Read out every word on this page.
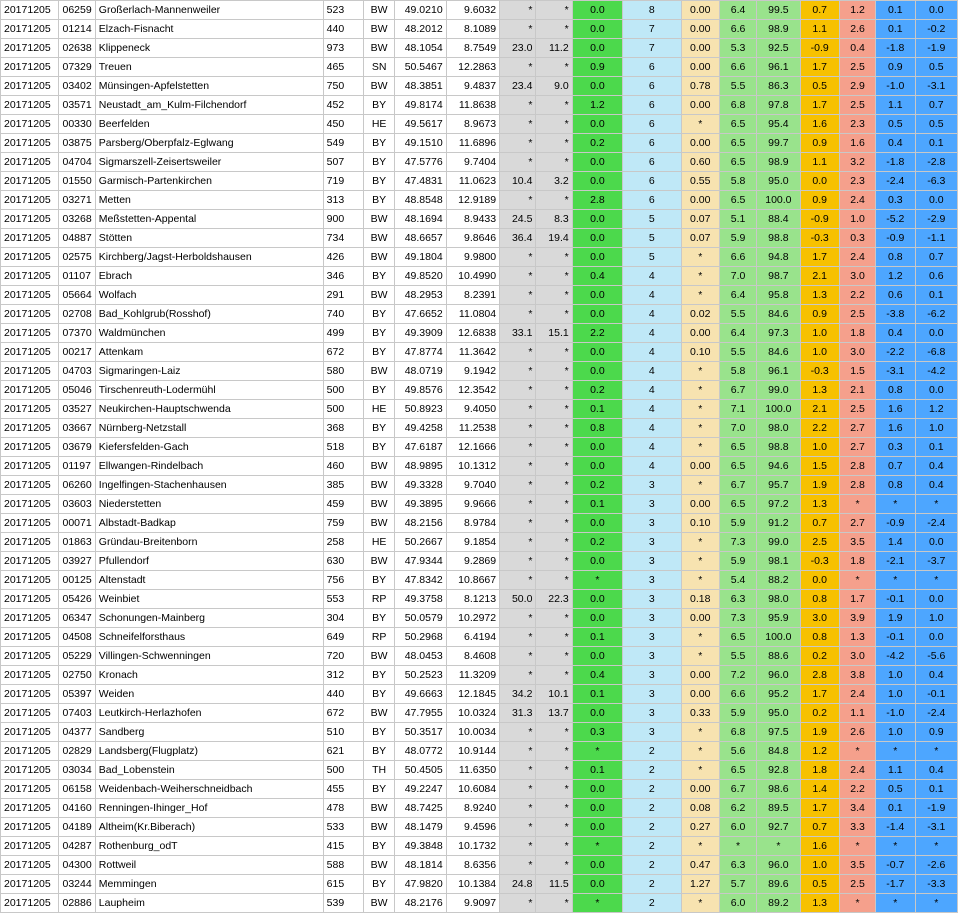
20171205	06259	Großerlach-Mannenweiler	523	BW	49.0210	9.6032	*	*	0.0	8	0.00	6.4	99.5	0.7	1.2	0.1	0.0
20171205	01214	Elzach-Fisnacht	440	BW	48.2012	8.1089	*	*	0.0	7	0.00	6.6	98.9	1.1	2.6	0.1	-0.2
20171205	02638	Klippeneck	973	BW	48.1054	8.7549	23.0	11.2	0.0	7	0.00	5.3	92.5	-0.9	0.4	-1.8	-1.9
20171205	07329	Treuen	465	SN	50.5467	12.2863	*	*	0.9	6	0.00	6.6	96.1	1.7	2.5	0.9	0.5
20171205	03402	Münsingen-Apfelstetten	750	BW	48.3851	9.4837	23.4	9.0	0.0	6	0.78	5.5	86.3	0.5	2.9	-1.0	-3.1
20171205	03571	Neustadt_am_Kulm-Filchendorf	452	BY	49.8174	11.8638	*	*	1.2	6	0.00	6.8	97.8	1.7	2.5	1.1	0.7
20171205	00330	Beerfelden	450	HE	49.5617	8.9673	*	*	0.0	6	*	6.5	95.4	1.6	2.3	0.5	0.5
20171205	03875	Parsberg/Oberpfalz-Eglwang	549	BY	49.1510	11.6896	*	*	0.2	6	0.00	6.5	99.7	0.9	1.6	0.4	0.1
20171205	04704	Sigmarszell-Zeisertsweiler	507	BY	47.5776	9.7404	*	*	0.0	6	0.60	6.5	98.9	1.1	3.2	-1.8	-2.8
20171205	01550	Garmisch-Partenkirchen	719	BY	47.4831	11.0623	10.4	3.2	0.0	6	0.55	5.8	95.0	0.0	2.3	-2.4	-6.3
20171205	03271	Metten	313	BY	48.8548	12.9189	*	*	2.8	6	0.00	6.5	100.0	0.9	2.4	0.3	0.0
20171205	03268	Meßstetten-Appental	900	BW	48.1694	8.9433	24.5	8.3	0.0	5	0.07	5.1	88.4	-0.9	1.0	-5.2	-2.9
20171205	04887	Stötten	734	BW	48.6657	9.8646	36.4	19.4	0.0	5	0.07	5.9	98.8	-0.3	0.3	-0.9	-1.1
20171205	02575	Kirchberg/Jagst-Herboldshausen	426	BW	49.1804	9.9800	*	*	0.0	5	*	6.6	94.8	1.7	2.4	0.8	0.7
20171205	01107	Ebrach	346	BY	49.8520	10.4990	*	*	0.4	4	*	7.0	98.7	2.1	3.0	1.2	0.6
20171205	05664	Wolfach	291	BW	48.2953	8.2391	*	*	0.0	4	*	6.4	95.8	1.3	2.2	0.6	0.1
20171205	02708	Bad_Kohlgrub(Rosshof)	740	BY	47.6652	11.0804	*	*	0.0	4	0.02	5.5	84.6	0.9	2.5	-3.8	-6.2
20171205	07370	Waldmünchen	499	BY	49.3909	12.6838	33.1	15.1	2.2	4	0.00	6.4	97.3	1.0	1.8	0.4	0.0
20171205	00217	Attenkam	672	BY	47.8774	11.3642	*	*	0.0	4	0.10	5.5	84.6	1.0	3.0	-2.2	-6.8
20171205	04703	Sigmaringen-Laiz	580	BW	48.0719	9.1942	*	*	0.0	4	*	5.8	96.1	-0.3	1.5	-3.1	-4.2
20171205	05046	Tirschenreuth-Lodermühl	500	BY	49.8576	12.3542	*	*	0.2	4	*	6.7	99.0	1.3	2.1	0.8	0.0
20171205	03527	Neukirchen-Hauptschwenda	500	HE	50.8923	9.4050	*	*	0.1	4	*	7.1	100.0	2.1	2.5	1.6	1.2
20171205	03667	Nürnberg-Netzstall	368	BY	49.4258	11.2538	*	*	0.8	4	*	7.0	98.0	2.2	2.7	1.6	1.0
20171205	03679	Kiefersfelden-Gach	518	BY	47.6187	12.1666	*	*	0.0	4	*	6.5	98.8	1.0	2.7	0.3	0.1
20171205	01197	Ellwangen-Rindelbach	460	BW	48.9895	10.1312	*	*	0.0	4	0.00	6.5	94.6	1.5	2.8	0.7	0.4
20171205	06260	Ingelfingen-Stachenhausen	385	BW	49.3328	9.7040	*	*	0.2	3	*	6.7	95.7	1.9	2.8	0.8	0.4
20171205	03603	Niederstetten	459	BW	49.3895	9.9666	*	*	0.1	3	0.00	6.5	97.2	1.3	*	*	*
20171205	00071	Albstadt-Badkap	759	BW	48.2156	8.9784	*	*	0.0	3	0.10	5.9	91.2	0.7	2.7	-0.9	-2.4
20171205	01863	Gründau-Breitenborn	258	HE	50.2667	9.1854	*	*	0.2	3	*	7.3	99.0	2.5	3.5	1.4	0.0
20171205	03927	Pfullendorf	630	BW	47.9344	9.2869	*	*	0.0	3	*	5.9	98.1	-0.3	1.8	-2.1	-3.7
20171205	00125	Altenstadt	756	BY	47.8342	10.8667	*	*	*	3	*	5.4	88.2	0.0	*	*	*
20171205	05426	Weinbiet	553	RP	49.3758	8.1213	50.0	22.3	0.0	3	0.18	6.3	98.0	0.8	1.7	-0.1	0.0
20171205	06347	Schonungen-Mainberg	304	BY	50.0579	10.2972	*	*	0.0	3	0.00	7.3	95.9	3.0	3.9	1.9	1.0
20171205	04508	Schneifelforsthaus	649	RP	50.2968	6.4194	*	*	0.1	3	*	6.5	100.0	0.8	1.3	-0.1	0.0
20171205	05229	Villingen-Schwenningen	720	BW	48.0453	8.4608	*	*	0.0	3	*	5.5	88.6	0.2	3.0	-4.2	-5.6
20171205	02750	Kronach	312	BY	50.2523	11.3209	*	*	0.4	3	0.00	7.2	96.0	2.8	3.8	1.0	0.4
20171205	05397	Weiden	440	BY	49.6663	12.1845	34.2	10.1	0.1	3	0.00	6.6	95.2	1.7	2.4	1.0	-0.1
20171205	07403	Leutkirch-Herlazhofen	672	BW	47.7955	10.0324	31.3	13.7	0.0	3	0.33	5.9	95.0	0.2	1.1	-1.0	-2.4
20171205	04377	Sandberg	510	BY	50.3517	10.0034	*	*	0.3	3	*	6.8	97.5	1.9	2.6	1.0	0.9
20171205	02829	Landsberg(Flugplatz)	621	BY	48.0772	10.9144	*	*	*	2	*	5.6	84.8	1.2	*	*	*
20171205	03034	Bad_Lobenstein	500	TH	50.4505	11.6350	*	*	0.1	2	*	6.5	92.8	1.8	2.4	1.1	0.4
20171205	06158	Weidenbach-Weiherschneidbach	455	BY	49.2247	10.6084	*	*	0.0	2	0.00	6.7	98.6	1.4	2.2	0.5	0.1
20171205	04160	Renningen-Ihinger_Hof	478	BW	48.7425	8.9240	*	*	0.0	2	0.08	6.2	89.5	1.7	3.4	0.1	-1.9
20171205	04189	Altheim(Kr.Biberach)	533	BW	48.1479	9.4596	*	*	0.0	2	0.27	6.0	92.7	0.7	3.3	-1.4	-3.1
20171205	04287	Rothenburg_odT	415	BY	49.3848	10.1732	*	*	*	2	*	*	*	1.6	*	*	*
20171205	04300	Rottweil	588	BW	48.1814	8.6356	*	*	0.0	2	0.47	6.3	96.0	1.0	3.5	-0.7	-2.6
20171205	03244	Memmingen	615	BY	47.9820	10.1384	24.8	11.5	0.0	2	1.27	5.7	89.6	0.5	2.5	-1.7	-3.3
20171205	02886	Laupheim	539	BW	48.2176	9.9097	*	*	*	2	*	6.0	89.2	1.3	*	*	*
